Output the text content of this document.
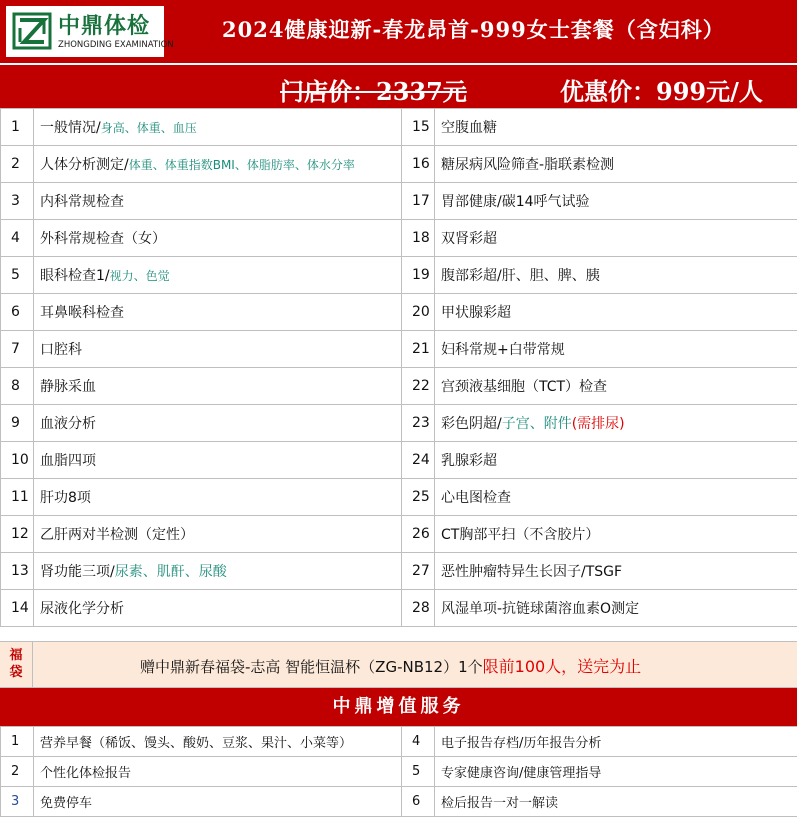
中鼎体检
ZHONGDING EXAMINATION
2024健康迎新-春龙昂首-999女士套餐（含妇科）
门店价：2337元	优惠价：999元/人
1	一般情况/身高、体重、血压	15	空腹血糖
2	人体分析测定/体重、体重指数BMI、体脂肪率、体水分率	16	糖尿病风险筛查-脂联素检测
3	内科常规检查	17	胃部健康/碳14呼气试验
4	外科常规检查（女）	18	双肾彩超
5	眼科检查1/视力、色觉	19	腹部彩超/肝、胆、脾、胰
6	耳鼻喉科检查	20	甲状腺彩超
7	口腔科	21	妇科常规+白带常规
8	静脉采血	22	宫颈液基细胞（TCT）检查
9	血液分析	23	彩色阴超/子宫、附件(需排尿)
10	血脂四项	24	乳腺彩超
11	肝功8项	25	心电图检查
12	乙肝两对半检测（定性）	26	CT胸部平扫（不含胶片）
13	肾功能三项/尿素、肌酐、尿酸	27	恶性肿瘤特异生长因子/TSGF
14	尿液化学分析	28	风湿单项-抗链球菌溶血素O测定
福
袋	赠中鼎新春福袋-志高 智能恒温杯（ZG-NB12）1个限前100人，送完为止
中鼎增值服务
1	营养早餐（稀饭、馒头、酸奶、豆浆、果汁、小菜等）	4	电子报告存档/历年报告分析
2	个性化体检报告	5	专家健康咨询/健康管理指导
3	免费停车	6	检后报告一对一解读
